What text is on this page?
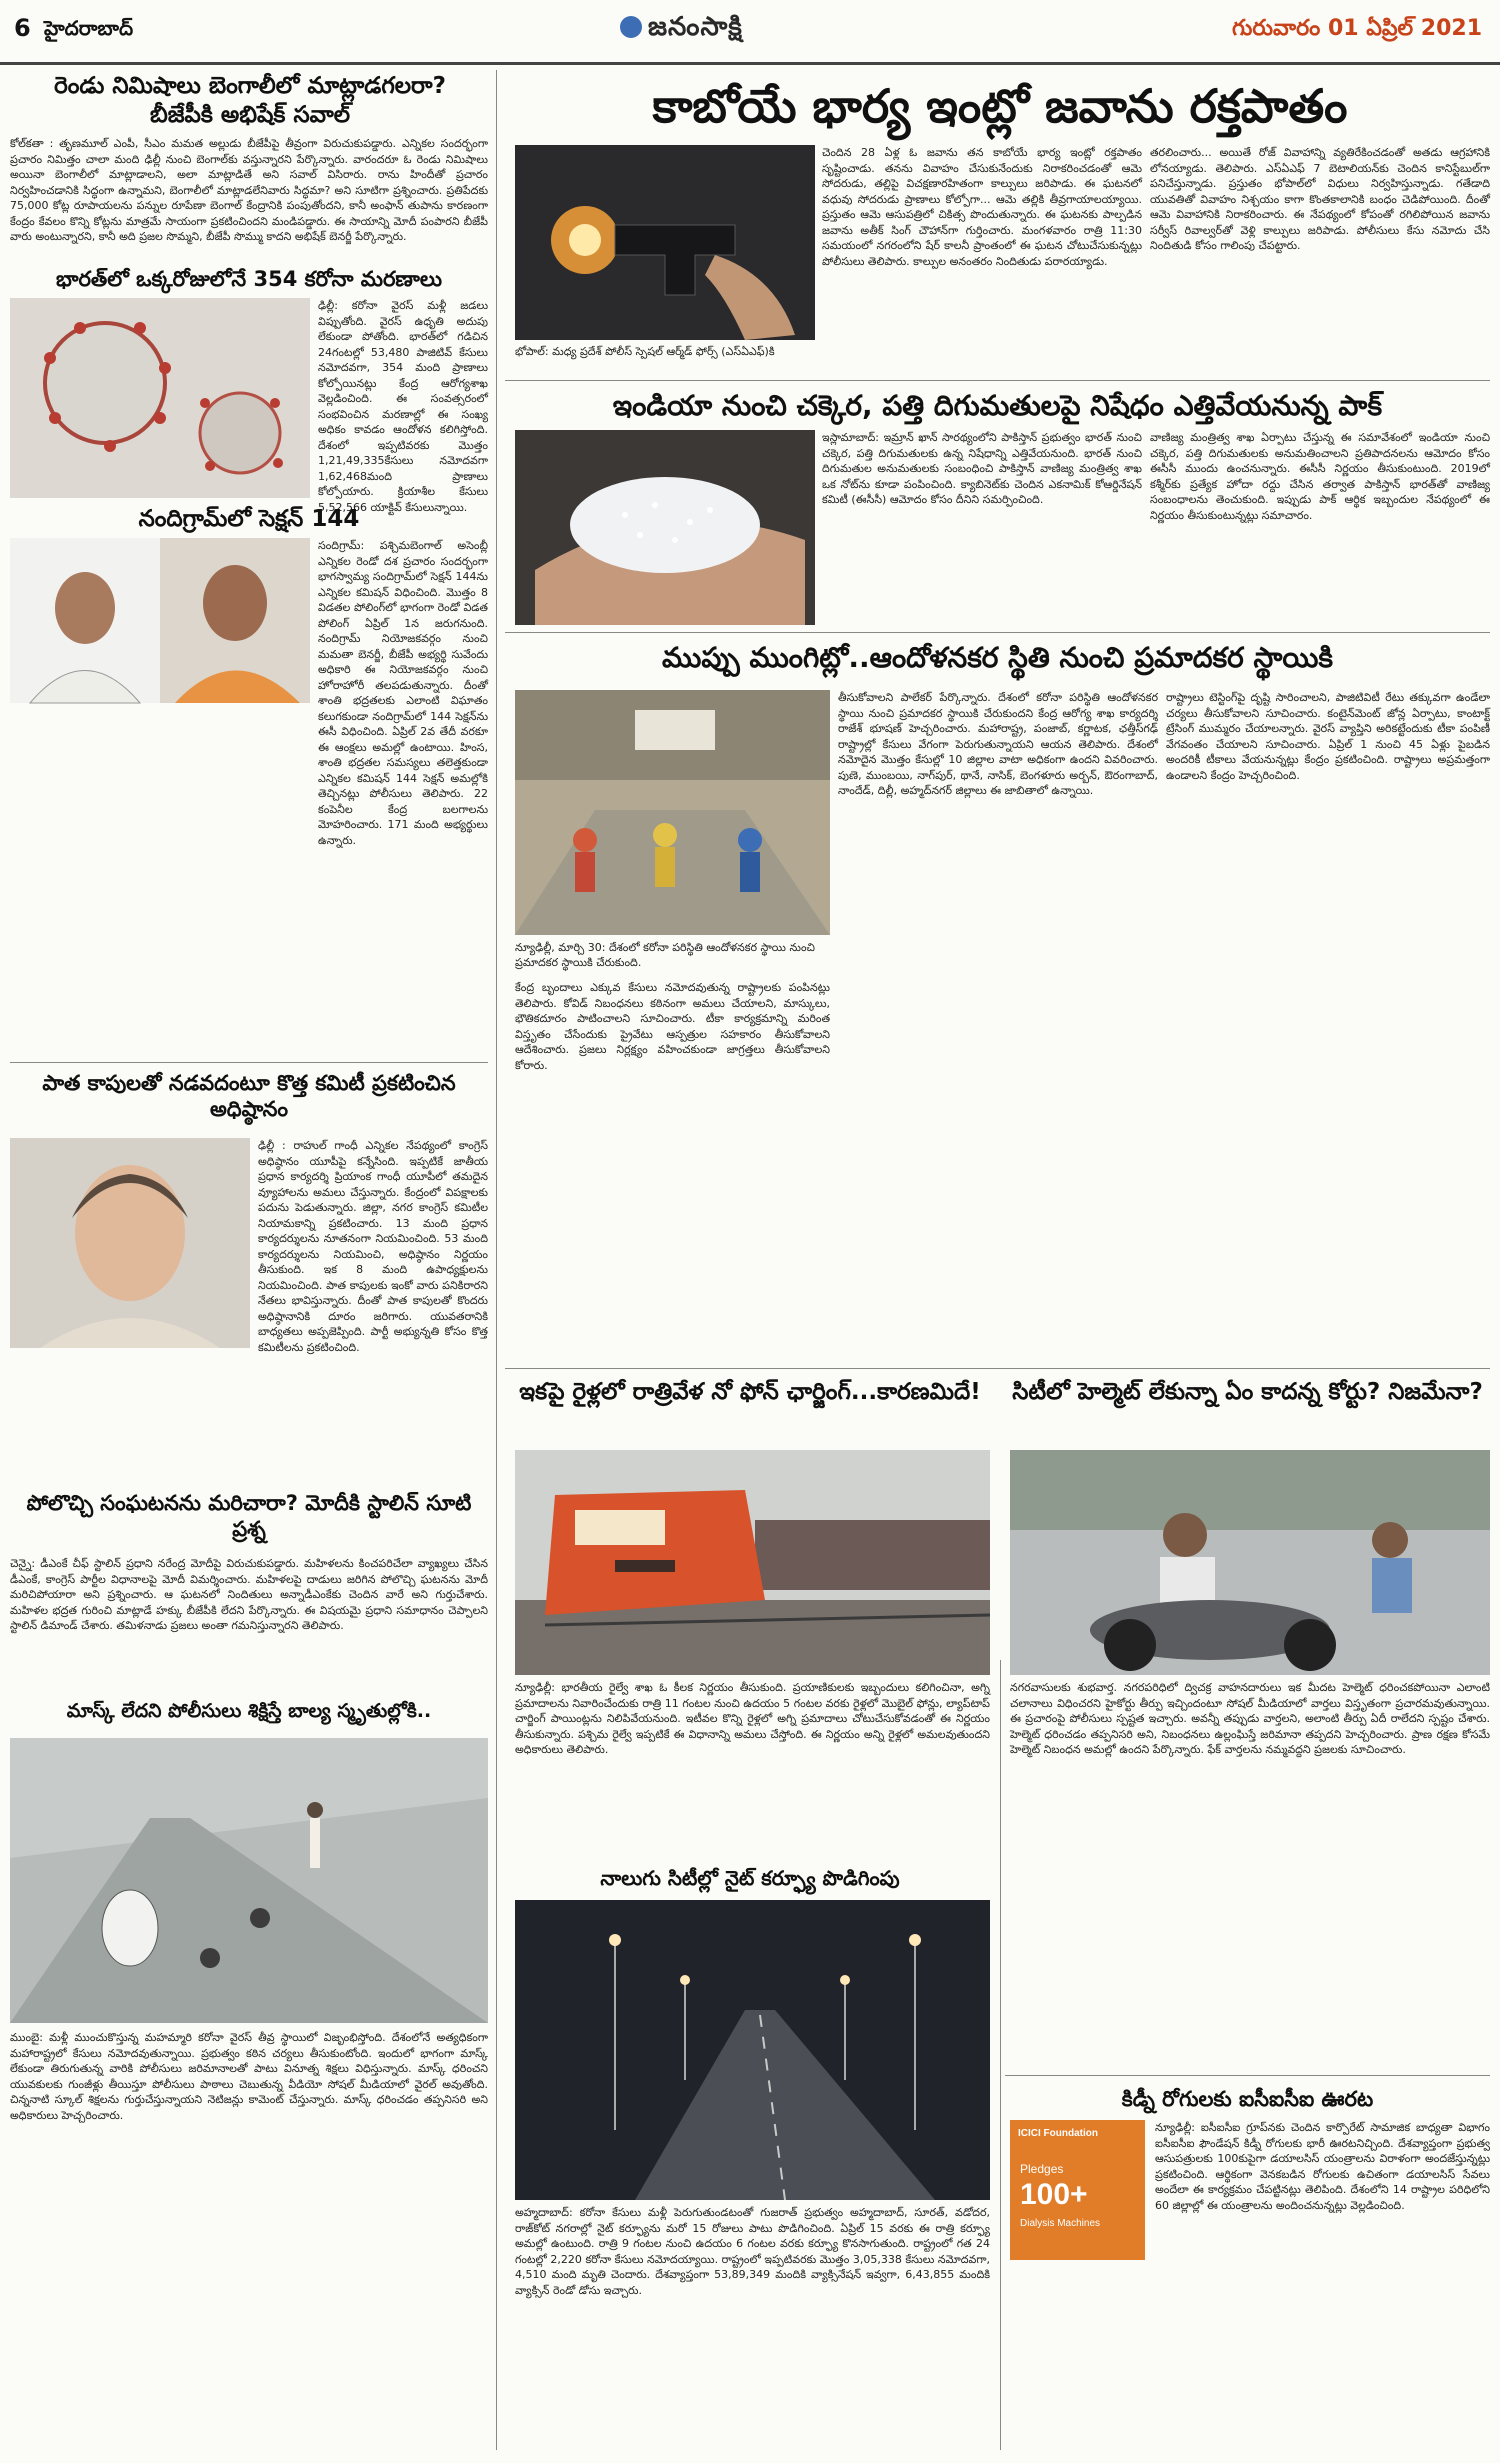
6 హైదరాబాద్	జనంసాక్షి	గురువారం 01 ఏప్రిల్ 2021
రెండు నిమిషాలు బెంగాలీలో మాట్లాడగలరా? బీజేపీకి అభిషేక్ సవాల్
కోల్‌కతా : తృణమూల్ ఎంపీ, సీఎం మమత అల్లుడు బీజేపీపై తీవ్రంగా విరుచుకుపడ్డారు. ఎన్నికల సందర్భంగా ప్రచారం నిమిత్తం చాలా మంది ఢిల్లీ నుంచి బెంగాల్‌కు వస్తున్నారని పేర్కొన్నారు. వారందరూ ఓ రెండు నిమిషాలు అయినా బెంగాలీలో మాట్లాడాలని, అలా మాట్లాడితే అని సవాల్ విసిరారు. రాను హిందీతో ప్రచారం నిర్వహించడానికి సిద్ధంగా ఉన్నామని, బెంగాలీలో మాట్లాడలేనివారు సిద్ధమా? అని సూటిగా ప్రశ్నించారు. ప్రతిపేదకు 75,000 కోట్ల రూపాయలను పన్నుల రూపేణా బెంగాల్ కేంద్రానికి పంపుతోందని, కానీ అంఫాన్ తుపాను కారణంగా కేంద్రం కేవలం కొన్ని కోట్లను మాత్రమే సాయంగా ప్రకటించిందని మండిపడ్డారు. ఈ సాయాన్ని మోదీ పంపారని బీజేపీ వారు అంటున్నారని, కానీ అది ప్రజల సొమ్మని, బీజేపీ సొమ్ము కాదని అభిషేక్ బెనర్జీ పేర్కొన్నారు.
భారత్‌లో ఒక్కరోజులోనే 354 కరోనా మరణాలు
ఢిల్లీ: కరోనా వైరస్ మళ్లీ జడలు విప్పుతోంది. వైరస్ ఉధృతి అదుపు లేకుండా పోతోంది. భారత్‌లో గడిచిన 24గంటల్లో 53,480 పాజిటివ్ కేసులు నమోదవగా, 354 మంది ప్రాణాలు కోల్పోయినట్లు కేంద్ర ఆరోగ్యశాఖ వెల్లడించింది. ఈ సంవత్సరంలో సంభవించిన మరణాల్లో ఈ సంఖ్య అధికం కావడం ఆందోళన కలిగిస్తోంది. దేశంలో ఇప్పటివరకు మొత్తం 1,21,49,335కేసులు నమోదవగా 1,62,468మంది ప్రాణాలు కోల్పోయారు. క్రియాశీల కేసులు 5,52,566 యాక్టివ్ కేసులున్నాయి.
నందిగ్రామ్‌లో సెక్షన్ 144
సందిగ్రామ్: పశ్చిమబెంగాల్ అసెంబ్లీ ఎన్నికల రెండో దశ ప్రచారం సందర్భంగా భాగస్వామ్య సందిగ్రామ్‌లో సెక్షన్ 144ను ఎన్నికల కమిషన్ విధించింది. మొత్తం 8 విడతల పోలింగ్‌లో భాగంగా రెండో విడత పోలింగ్ ఏప్రిల్ 1న జరుగనుంది. నందిగ్రామ్ నియోజకవర్గం నుంచి మమతా బెనర్జీ, బీజేపీ అభ్యర్థి సువేందు అధికారి ఈ నియోజకవర్గం నుంచి హోరాహోరీ తలపడుతున్నారు. దీంతో శాంతి భద్రతలకు ఎలాంటి విఘాతం కలుగకుండా నందిగ్రామ్‌లో 144 సెక్షన్‌ను ఈసీ విధించింది. ఏప్రిల్ 2వ తేదీ వరకూ ఈ ఆంక్షలు అమల్లో ఉంటాయి. హింస, శాంతి భద్రతల సమస్యలు తలెత్తకుండా ఎన్నికల కమిషన్ 144 సెక్షన్ అమల్లోకి తెచ్చినట్లు పోలీసులు తెలిపారు. 22 కంపెనీల కేంద్ర బలగాలను మోహరించారు. 171 మంది అభ్యర్థులు ఉన్నారు.
పాత కాపులతో నడవదంటూ కొత్త కమిటీ ప్రకటించిన అధిష్ఠానం
ఢిల్లీ : రాహుల్ గాంధీ ఎన్నికల నేపథ్యంలో కాంగ్రెస్ అధిష్ఠానం యూపీపై కన్నేసింది. ఇప్పటికే జాతీయ ప్రధాన కార్యదర్శి ప్రియాంక గాంధీ యూపీలో తమదైన వ్యూహాలను అమలు చేస్తున్నారు. కేంద్రంలో విపక్షాలకు పదును పెడుతున్నారు. జిల్లా, నగర కాంగ్రెస్ కమిటీల నియామకాన్ని ప్రకటించారు. 13 మంది ప్రధాన కార్యదర్శులను నూతనంగా నియమించింది. 53 మంది కార్యదర్శులను నియమించి, అధిష్ఠానం నిర్ణయం తీసుకుంది. ఇక 8 మంది ఉపాధ్యక్షులను నియమించింది. పాత కాపులకు ఇంకో వారు పనికిరారని నేతలు భావిస్తున్నారు. దీంతో పాత కాపులతో కొందరు అధిష్ఠానానికి దూరం జరిగారు. యువతరానికి బాధ్యతలు అప్పజెప్పింది. పార్టీ అభ్యున్నతి కోసం కొత్త కమిటీలను ప్రకటించింది.
పోలొచ్చి సంఘటనను మరిచారా? మోదీకి స్టాలిన్ సూటి ప్రశ్న
చెన్నై: డీఎంకే చీఫ్ స్టాలిన్ ప్రధాని నరేంద్ర మోదీపై విరుచుకుపడ్డారు. మహిళలను కించపరిచేలా వ్యాఖ్యలు చేసిన డీఎంకే, కాంగ్రెస్ పార్టీల విధానాలపై మోదీ విమర్శించారు. మహిళలపై దాడులు జరిగిన పోలొచ్చి ఘటనను మోదీ మరిచిపోయారా అని ప్రశ్నించారు. ఆ ఘటనలో నిందితులు అన్నాడీఎంకేకు చెందిన వారే అని గుర్తుచేశారు. మహిళల భద్రత గురించి మాట్లాడే హక్కు బీజేపీకి లేదని పేర్కొన్నారు. ఈ విషయమై ప్రధాని సమాధానం చెప్పాలని స్టాలిన్ డిమాండ్ చేశారు. తమిళనాడు ప్రజలు అంతా గమనిస్తున్నారని తెలిపారు.
మాస్క్ లేదని పోలీసులు శిక్షిస్తే బాల్య స్మృతుల్లోకి..
ముంబై: మళ్లీ ముంచుకొస్తున్న మహమ్మారి కరోనా వైరస్ తీవ్ర స్థాయిలో విజృంభిస్తోంది. దేశంలోనే అత్యధికంగా మహారాష్ట్రలో కేసులు నమోదవుతున్నాయి. ప్రభుత్వం కఠిన చర్యలు తీసుకుంటోంది. ఇందులో భాగంగా మాస్క్ లేకుండా తిరుగుతున్న వారికి పోలీసులు జరిమానాలతో పాటు వినూత్న శిక్షలు విధిస్తున్నారు. మాస్క్ ధరించని యువకులకు గుంజీళ్లు తీయిస్తూ పోలీసులు పాఠాలు చెబుతున్న వీడియో సోషల్ మీడియాలో వైరల్ అవుతోంది. చిన్ననాటి స్కూల్ శిక్షలను గుర్తుచేస్తున్నాయని నెటిజన్లు కామెంట్ చేస్తున్నారు. మాస్క్ ధరించడం తప్పనిసరి అని అధికారులు హెచ్చరించారు.
కాబోయే భార్య ఇంట్లో జవాను రక్తపాతం
భోపాల్: మధ్య ప్రదేశ్ పోలీస్ స్పెషల్ ఆర్మ్‌డ్ ఫోర్స్ (ఎస్ఏఎఫ్)కి
చెందిన 28 ఏళ్ల ఓ జవాను తన కాబోయే భార్య ఇంట్లో రక్తపాతం సృష్టించాడు. తనను వివాహం చేసుకునేందుకు నిరాకరించడంతో ఆమె సోదరుడు, తల్లిపై విచక్షణారహితంగా కాల్పులు జరిపాడు. ఈ ఘటనలో వధువు సోదరుడు ప్రాణాలు కోల్పోగా... ఆమె తల్లికి తీవ్రగాయాలయ్యాయి. ప్రస్తుతం ఆమె ఆసుపత్రిలో చికిత్స పొందుతున్నారు. ఈ ఘటనకు పాల్పడిన జవాను అతీక్ సింగ్ చౌహాన్‌గా గుర్తించారు. మంగళవారం రాత్రి 11:30 సమయంలో నగరంలోని షేర్ కాలనీ ప్రాంతంలో ఈ ఘటన చోటుచేసుకున్నట్లు పోలీసులు తెలిపారు. కాల్పుల అనంతరం నిందితుడు పరారయ్యాడు.
తరలించారు... అయితే రోజ్ వివాహాన్ని వ్యతిరేకించడంతో అతడు ఆగ్రహానికి లోనయ్యాడు. తెలిపారు. ఎస్ఏఎఫ్ 7 బెటాలియన్‌కు చెందిన కానిస్టేబుల్‌గా పనిచేస్తున్నాడు. ప్రస్తుతం భోపాల్‌లో విధులు నిర్వహిస్తున్నాడు. గతేడాది యువతితో వివాహం నిశ్చయం కాగా కొంతకాలానికి బంధం చెడిపోయింది. దీంతో ఆమె వివాహానికి నిరాకరించారు. ఈ నేపథ్యంలో కోపంతో రగిలిపోయిన జవాను సర్వీస్ రివాల్వర్‌తో వెళ్లి కాల్పులు జరిపాడు. పోలీసులు కేసు నమోదు చేసి నిందితుడి కోసం గాలింపు చేపట్టారు.
ఇండియా నుంచి చక్కెర, పత్తి దిగుమతులపై నిషేధం ఎత్తివేయనున్న పాక్
ఇస్లామాబాద్: ఇమ్రాన్ ఖాన్ సారథ్యంలోని పాకిస్తాన్ ప్రభుత్వం భారత్ నుంచి చక్కెర, పత్తి దిగుమతులకు ఉన్న నిషేధాన్ని ఎత్తివేయనుంది. భారత్ నుంచి దిగుమతుల అనుమతులకు సంబంధించి పాకిస్తాన్ వాణిజ్య మంత్రిత్వ శాఖ ఒక నోట్‌ను కూడా పంపించింది. క్యాబినెట్‌కు చెందిన ఎకనామిక్ కోఆర్డినేషన్ కమిటీ (ఈసీసీ) ఆమోదం కోసం దీనిని సమర్పించింది.
వాణిజ్య మంత్రిత్వ శాఖ ఏర్పాటు చేస్తున్న ఈ సమావేశంలో ఇండియా నుంచి చక్కెర, పత్తి దిగుమతులకు అనుమతించాలని ప్రతిపాదనలను ఆమోదం కోసం ఈసీసీ ముందు ఉంచనున్నారు. ఈసీసీ నిర్ణయం తీసుకుంటుంది. 2019లో కశ్మీర్‌కు ప్రత్యేక హోదా రద్దు చేసిన తర్వాత పాకిస్తాన్ భారత్‌తో వాణిజ్య సంబంధాలను తెంచుకుంది. ఇప్పుడు పాక్ ఆర్థిక ఇబ్బందుల నేపథ్యంలో ఈ నిర్ణయం తీసుకుంటున్నట్లు సమాచారం.
ముప్పు ముంగిట్లో..ఆందోళనకర స్థితి నుంచి ప్రమాదకర స్థాయికి
న్యూఢిల్లీ, మార్చి 30: దేశంలో కరోనా పరిస్థితి ఆందోళనకర స్థాయి నుంచి ప్రమాదకర స్థాయికి చేరుకుంది.
తీసుకోవాలని పాలేకర్ పేర్కొన్నారు. దేశంలో కరోనా పరిస్థితి ఆందోళనకర స్థాయి నుంచి ప్రమాదకర స్థాయికి చేరుకుందని కేంద్ర ఆరోగ్య శాఖ కార్యదర్శి రాజేశ్ భూషణ్ హెచ్చరించారు. మహారాష్ట్ర, పంజాబ్, కర్ణాటక, ఛత్తీస్‌గఢ్ రాష్ట్రాల్లో కేసులు వేగంగా పెరుగుతున్నాయని ఆయన తెలిపారు. దేశంలో నమోదైన మొత్తం కేసుల్లో 10 జిల్లాల వాటా అధికంగా ఉందని వివరించారు. పుణె, ముంబయి, నాగ్‌పుర్, థానే, నాసిక్, బెంగళూరు అర్బన్, ఔరంగాబాద్, నాందేడ్, దిల్లీ, అహ్మద్‌నగర్ జిల్లాలు ఈ జాబితాలో ఉన్నాయి.
రాష్ట్రాలు టెస్టింగ్‌పై దృష్టి సారించాలని, పాజిటివిటీ రేటు తక్కువగా ఉండేలా చర్యలు తీసుకోవాలని సూచించారు. కంటైన్‌మెంట్ జోన్ల ఏర్పాటు, కాంటాక్ట్ ట్రేసింగ్ ముమ్మరం చేయాలన్నారు. వైరస్ వ్యాప్తిని అరికట్టేందుకు టీకా పంపిణీ వేగవంతం చేయాలని సూచించారు. ఏప్రిల్ 1 నుంచి 45 ఏళ్లు పైబడిన అందరికీ టీకాలు వేయనున్నట్లు కేంద్రం ప్రకటించింది. రాష్ట్రాలు అప్రమత్తంగా ఉండాలని కేంద్రం హెచ్చరించింది.
కేంద్ర బృందాలు ఎక్కువ కేసులు నమోదవుతున్న రాష్ట్రాలకు పంపినట్లు తెలిపారు. కోవిడ్ నిబంధనలు కఠినంగా అమలు చేయాలని, మాస్కులు, భౌతికదూరం పాటించాలని సూచించారు. టీకా కార్యక్రమాన్ని మరింత విస్తృతం చేసేందుకు ప్రైవేటు ఆస్పత్రుల సహకారం తీసుకోవాలని ఆదేశించారు. ప్రజలు నిర్లక్ష్యం వహించకుండా జాగ్రత్తలు తీసుకోవాలని కోరారు.
ఇకపై రైళ్లలో రాత్రివేళ నో ఫోన్ ఛార్జింగ్...కారణమిదే!
న్యూఢిల్లీ: భారతీయ రైల్వే శాఖ ఓ కీలక నిర్ణయం తీసుకుంది. ప్రయాణికులకు ఇబ్బందులు కలిగించినా, అగ్ని ప్రమాదాలను నివారించేందుకు రాత్రి 11 గంటల నుంచి ఉదయం 5 గంటల వరకు రైళ్లలో మొబైల్ ఫోన్లు, ల్యాప్‌టాప్ చార్జింగ్ పాయింట్లను నిలిపివేయనుంది. ఇటీవల కొన్ని రైళ్లలో అగ్ని ప్రమాదాలు చోటుచేసుకోవడంతో ఈ నిర్ణయం తీసుకున్నారు. పశ్చిమ రైల్వే ఇప్పటికే ఈ విధానాన్ని అమలు చేస్తోంది. ఈ నిర్ణయం అన్ని రైళ్లలో అమలవుతుందని అధికారులు తెలిపారు.
సిటీలో హెల్మెట్ లేకున్నా ఏం కాదన్న కోర్టు? నిజమేనా?
నగరవాసులకు శుభవార్త. నగరపరిధిలో ద్విచక్ర వాహనదారులు ఇక మీదట హెల్మెట్ ధరించకపోయినా ఎలాంటి చలానాలు విధించరని హైకోర్టు తీర్పు ఇచ్చిందంటూ సోషల్ మీడియాలో వార్తలు విస్తృతంగా ప్రచారమవుతున్నాయి. ఈ ప్రచారంపై పోలీసులు స్పష్టత ఇచ్చారు. అవన్నీ తప్పుడు వార్తలని, అలాంటి తీర్పు ఏదీ రాలేదని స్పష్టం చేశారు. హెల్మెట్ ధరించడం తప్పనిసరి అని, నిబంధనలు ఉల్లంఘిస్తే జరిమానా తప్పదని హెచ్చరించారు. ప్రాణ రక్షణ కోసమే హెల్మెట్ నిబంధన అమల్లో ఉందని పేర్కొన్నారు. ఫేక్ వార్తలను నమ్మవద్దని ప్రజలకు సూచించారు.
నాలుగు సిటీల్లో నైట్ కర్ఫ్యూ పొడిగింపు
అహ్మదాబాద్: కరోనా కేసులు మళ్లీ పెరుగుతుండటంతో గుజరాత్ ప్రభుత్వం అహ్మదాబాద్, సూరత్, వడోదర, రాజ్‌కోట్ నగరాల్లో నైట్ కర్ఫ్యూను మరో 15 రోజులు పాటు పొడిగించింది. ఏప్రిల్ 15 వరకు ఈ రాత్రి కర్ఫ్యూ అమల్లో ఉంటుంది. రాత్రి 9 గంటల నుంచి ఉదయం 6 గంటల వరకు కర్ఫ్యూ కొనసాగుతుంది. రాష్ట్రంలో గత 24 గంటల్లో 2,220 కరోనా కేసులు నమోదయ్యాయి. రాష్ట్రంలో ఇప్పటివరకు మొత్తం 3,05,338 కేసులు నమోదవగా, 4,510 మంది మృతి చెందారు. దేశవ్యాప్తంగా 53,89,349 మందికి వ్యాక్సినేషన్ ఇవ్వగా, 6,43,855 మందికి వ్యాక్సిన్ రెండో డోసు ఇచ్చారు.
కిడ్నీ రోగులకు ఐసీఐసీఐ ఊరట
ICICI Foundation
Pledges
100+
Dialysis Machines
న్యూఢిల్లీ: ఐసీఐసీఐ గ్రూప్‌నకు చెందిన కార్పొరేట్ సామాజిక బాధ్యతా విభాగం ఐసీఐసీఐ ఫౌండేషన్ కిడ్నీ రోగులకు భారీ ఊరటనిచ్చింది. దేశవ్యాప్తంగా ప్రభుత్వ ఆసుపత్రులకు 100కుపైగా డయాలసిస్ యంత్రాలను విరాళంగా అందజేస్తున్నట్లు ప్రకటించింది. ఆర్థికంగా వెనకబడిన రోగులకు ఉచితంగా డయాలసిస్ సేవలు అందేలా ఈ కార్యక్రమం చేపట్టినట్లు తెలిపింది. దేశంలోని 14 రాష్ట్రాల పరిధిలోని 60 జిల్లాల్లో ఈ యంత్రాలను అందించనున్నట్లు వెల్లడించింది.
